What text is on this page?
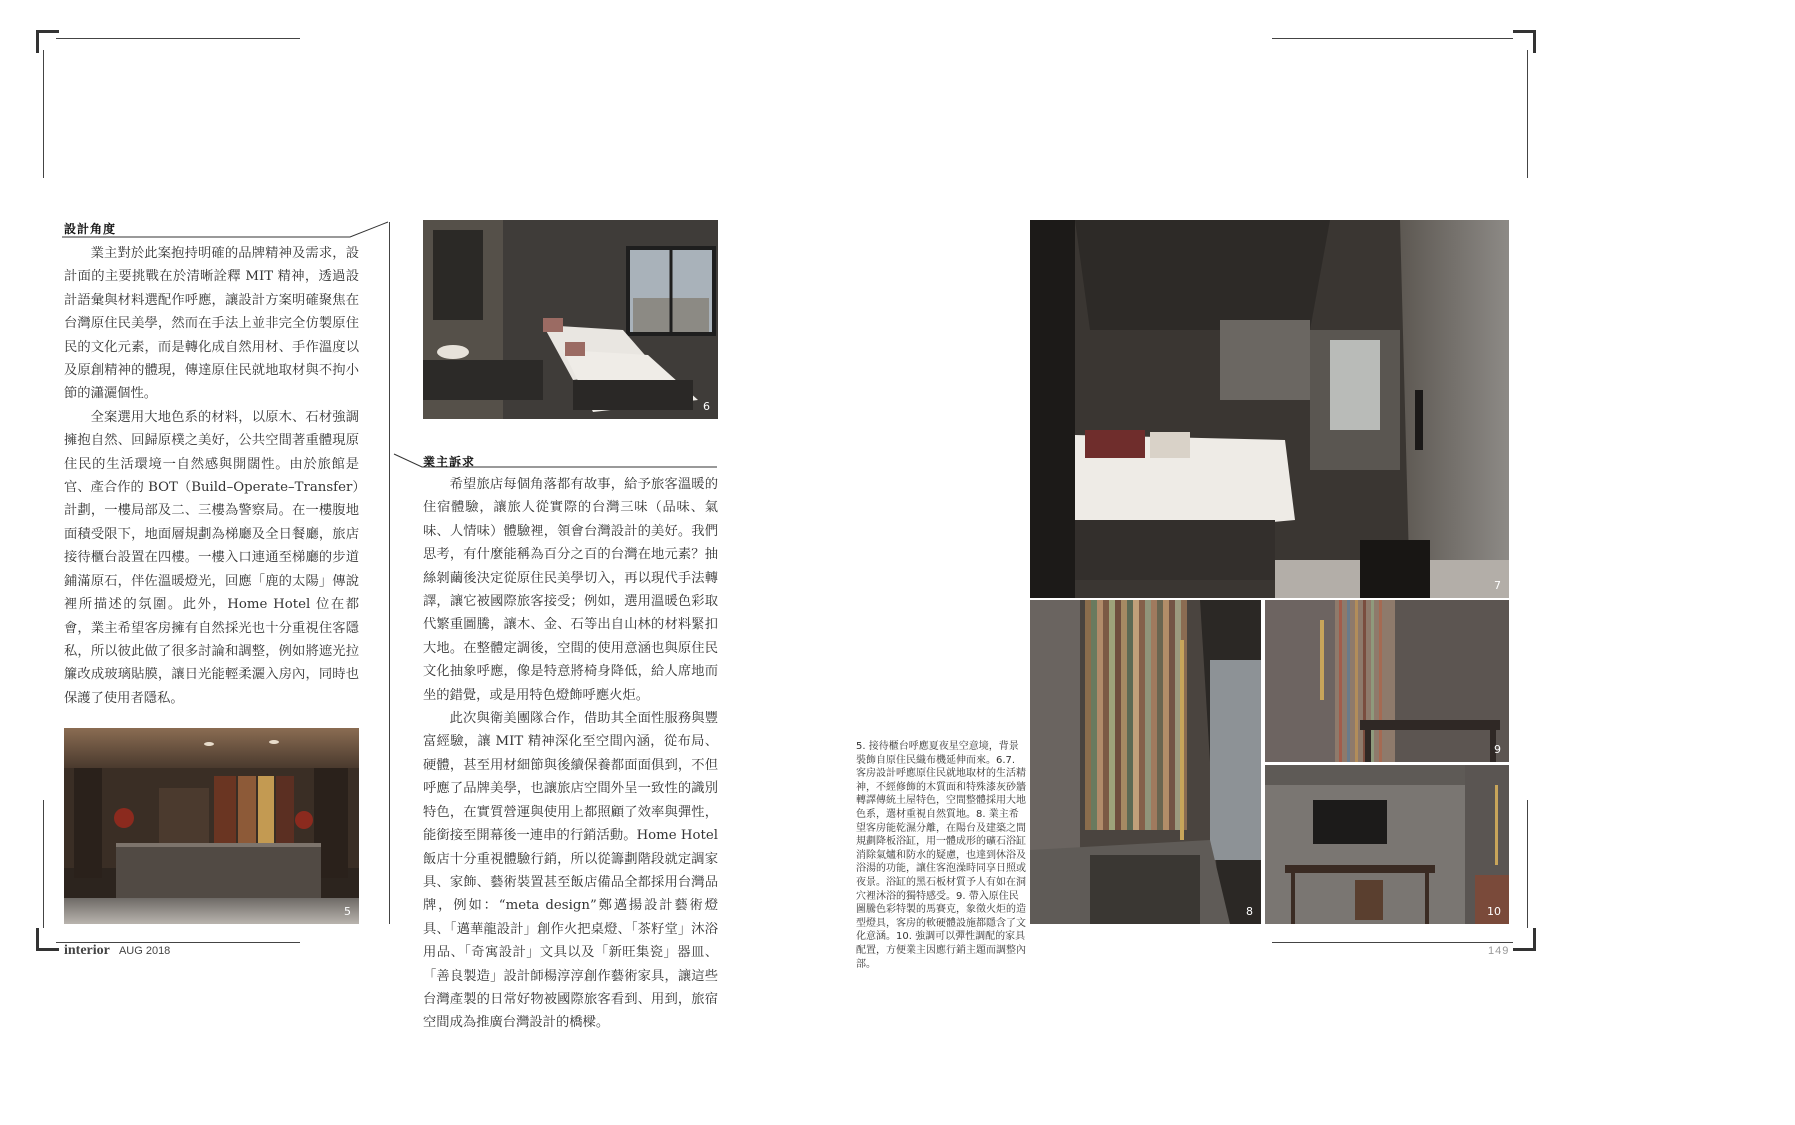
設計角度

業主對於此案抱持明確的品牌精神及需求，設計面的主要挑戰在於清晰詮釋 MIT 精神，透過設計語彙與材料選配作呼應，讓設計方案明確聚焦在台灣原住民美學，然而在手法上並非完全仿製原住民的文化元素，而是轉化成自然用材、手作溫度以及原創精神的體現，傳達原住民就地取材與不拘小節的瀟灑個性。

全案選用大地色系的材料，以原木、石材強調擁抱自然、回歸原樸之美好，公共空間著重體現原住民的生活環境一自然感與開闊性。由於旅館是官、產合作的 BOT（Build–Operate–Transfer）計劃，一樓局部及二、三樓為警察局。在一樓腹地面積受限下，地面層規劃為梯廳及全日餐廳，旅店接待櫃台設置在四樓。一樓入口連通至梯廳的步道鋪滿原石，伴佐溫暖燈光，回應「鹿的太陽」傳說裡所描述的氛圍。此外，Home Hotel 位在都會，業主希望客房擁有自然採光也十分重視住客隱私，所以彼此做了很多討論和調整，例如將遮光拉簾改成玻璃貼膜，讓日光能輕柔灑入房內，同時也保護了使用者隱私。

5
6
業主訴求

希望旅店每個角落都有故事，給予旅客溫暖的住宿體驗，讓旅人從實際的台灣三味（品味、氣味、人情味）體驗裡，領會台灣設計的美好。我們思考，有什麼能稱為百分之百的台灣在地元素？抽絲剝繭後決定從原住民美學切入，再以現代手法轉譯，讓它被國際旅客接受；例如，選用溫暖色彩取代繁重圖騰，讓木、金、石等出自山林的材料緊扣大地。在整體定調後，空間的使用意涵也與原住民文化抽象呼應，像是特意將椅身降低，給人席地而坐的錯覺，或是用特色燈飾呼應火炬。

此次與衛美團隊合作，借助其全面性服務與豐富經驗，讓 MIT 精神深化至空間內涵，從布局、硬體，甚至用材細節與後續保養都面面俱到，不但呼應了品牌美學，也讓旅店空間外呈一致性的識別特色，在實質營運與使用上都照顧了效率與彈性，能銜接至開幕後一連串的行銷活動。Home Hotel 飯店十分重視體驗行銷，所以從籌劃階段就定調家具、家飾、藝術裝置甚至飯店備品全都採用台灣品牌，例如：“meta design”鄭邁揚設計藝術燈具、「邁華龍設計」創作火把桌燈、「茶籽堂」沐浴用品、「奇寓設計」文具以及「新旺集瓷」器皿、「善良製造」設計師楊淳淳創作藝術家具，讓這些台灣產製的日常好物被國際旅客看到、用到，旅宿空間成為推廣台灣設計的橋樑。

7
8
9
10
5. 接待櫃台呼應夏夜星空意境，背景裝飾自原住民織布機延伸而來。6.7. 客房設計呼應原住民就地取材的生活精神，不經修飾的木質面和特殊漆灰砂牆轉譯傳統土屋特色，空間整體採用大地色系，選材重視自然質地。8. 業主希望客房能乾濕分離，在陽台及建築之間規劃降板浴缸，用一體成形的礦石浴缸消除氣爐和防水的疑慮，也達到休浴及浴湯的功能，讓住客泡澡時同享日照或夜景。浴缸的黑石板材質予人有如在洞穴裡沐浴的獨特感受。9. 帶入原住民圖騰色彩特製的馬賽克，象徵火炬的造型燈具，客房的軟硬體設施都隱含了文化意涵。10. 強調可以彈性調配的家具配置，方便業主因應行銷主題而調整內部。
interior AUG 2018	149
